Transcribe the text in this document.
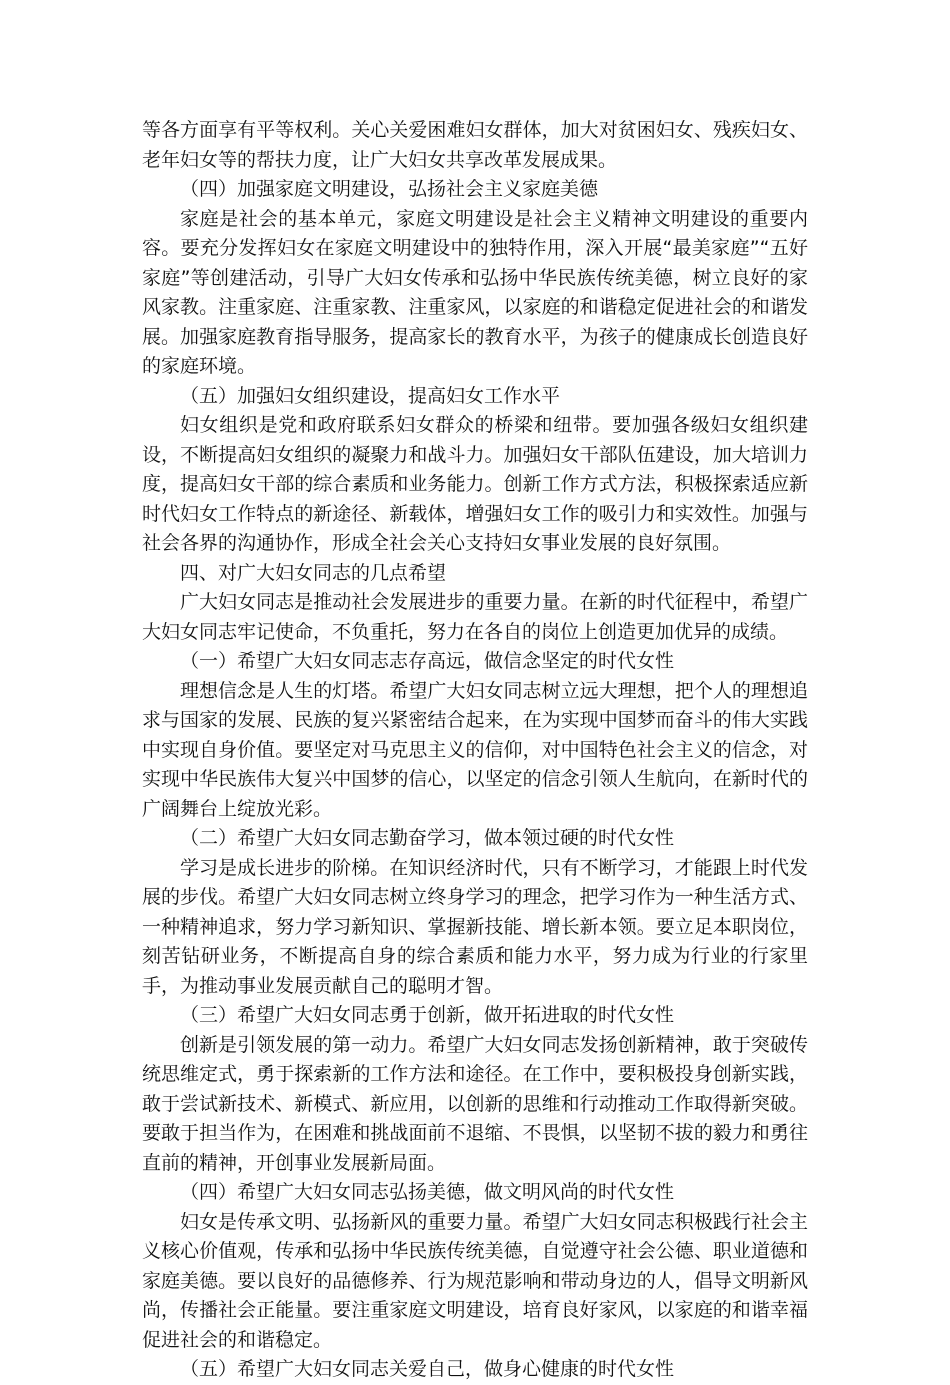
等各方面享有平等权利。关心关爱困难妇女群体，加大对贫困妇女、残疾妇女、老年妇女等的帮扶力度，让广大妇女共享改革发展成果。

（四）加强家庭文明建设，弘扬社会主义家庭美德

家庭是社会的基本单元，家庭文明建设是社会主义精神文明建设的重要内容。要充分发挥妇女在家庭文明建设中的独特作用，深入开展“最美家庭”“五好家庭”等创建活动，引导广大妇女传承和弘扬中华民族传统美德，树立良好的家风家教。注重家庭、注重家教、注重家风，以家庭的和谐稳定促进社会的和谐发展。加强家庭教育指导服务，提高家长的教育水平，为孩子的健康成长创造良好的家庭环境。

（五）加强妇女组织建设，提高妇女工作水平

妇女组织是党和政府联系妇女群众的桥梁和纽带。要加强各级妇女组织建设，不断提高妇女组织的凝聚力和战斗力。加强妇女干部队伍建设，加大培训力度，提高妇女干部的综合素质和业务能力。创新工作方式方法，积极探索适应新时代妇女工作特点的新途径、新载体，增强妇女工作的吸引力和实效性。加强与社会各界的沟通协作，形成全社会关心支持妇女事业发展的良好氛围。

四、对广大妇女同志的几点希望

广大妇女同志是推动社会发展进步的重要力量。在新的时代征程中，希望广大妇女同志牢记使命，不负重托，努力在各自的岗位上创造更加优异的成绩。

（一）希望广大妇女同志志存高远，做信念坚定的时代女性

理想信念是人生的灯塔。希望广大妇女同志树立远大理想，把个人的理想追求与国家的发展、民族的复兴紧密结合起来，在为实现中国梦而奋斗的伟大实践中实现自身价值。要坚定对马克思主义的信仰，对中国特色社会主义的信念，对实现中华民族伟大复兴中国梦的信心，以坚定的信念引领人生航向，在新时代的广阔舞台上绽放光彩。

（二）希望广大妇女同志勤奋学习，做本领过硬的时代女性

学习是成长进步的阶梯。在知识经济时代，只有不断学习，才能跟上时代发展的步伐。希望广大妇女同志树立终身学习的理念，把学习作为一种生活方式、一种精神追求，努力学习新知识、掌握新技能、增长新本领。要立足本职岗位，刻苦钻研业务，不断提高自身的综合素质和能力水平，努力成为行业的行家里手，为推动事业发展贡献自己的聪明才智。

（三）希望广大妇女同志勇于创新，做开拓进取的时代女性

创新是引领发展的第一动力。希望广大妇女同志发扬创新精神，敢于突破传统思维定式，勇于探索新的工作方法和途径。在工作中，要积极投身创新实践，敢于尝试新技术、新模式、新应用，以创新的思维和行动推动工作取得新突破。要敢于担当作为，在困难和挑战面前不退缩、不畏惧，以坚韧不拔的毅力和勇往直前的精神，开创事业发展新局面。

（四）希望广大妇女同志弘扬美德，做文明风尚的时代女性

妇女是传承文明、弘扬新风的重要力量。希望广大妇女同志积极践行社会主义核心价值观，传承和弘扬中华民族传统美德，自觉遵守社会公德、职业道德和家庭美德。要以良好的品德修养、行为规范影响和带动身边的人，倡导文明新风尚，传播社会正能量。要注重家庭文明建设，培育良好家风，以家庭的和谐幸福促进社会的和谐稳定。

（五）希望广大妇女同志关爱自己，做身心健康的时代女性
